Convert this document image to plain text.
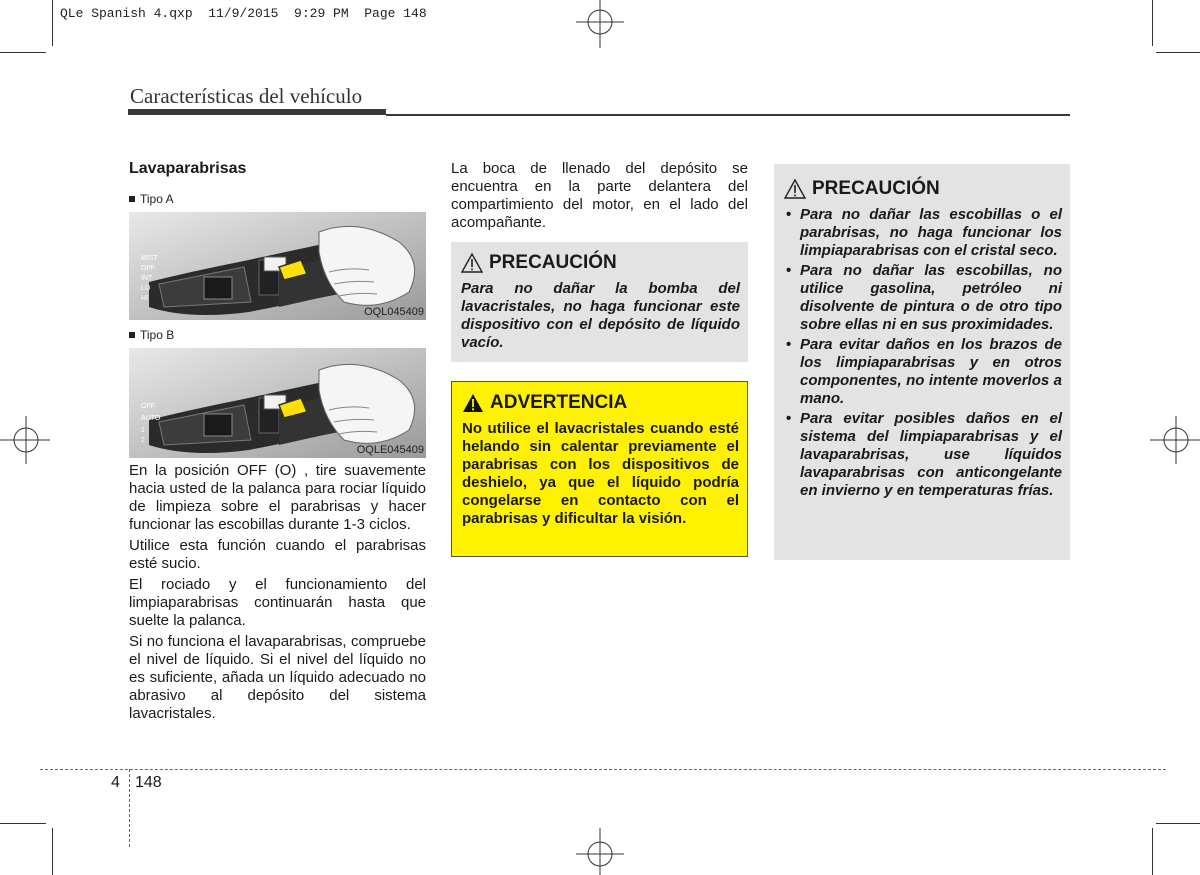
QLe Spanish 4.qxp  11/9/2015  9:29 PM  Page 148
Características del vehículo
Lavaparabrisas
Tipo A
MIST
OFF
INT
LO
HI
OQL045409
Tipo B
OFF
AUTO
1
2
OQLE045409

En la posición OFF (O) , tire suavemente hacia usted de la palanca para rociar líquido de limpieza sobre el parabrisas y hacer funcionar las escobillas durante 1-3 ciclos.

Utilice esta función cuando el parabrisas esté sucio.

El rociado y el funcionamiento del limpiaparabrisas continuarán hasta que suelte la palanca.

Si no funciona el lavaparabrisas, compruebe el nivel de líquido. Si el nivel del líquido no es suficiente, añada un líquido adecuado no abrasivo al depósito del sistema lavacristales.

La boca de llenado del depósito se encuentra en la parte delantera del compartimiento del motor, en el lado del acompañante.

PRECAUCIÓN
Para no dañar la bomba del lavacristales, no haga funcionar este dispositivo con el depósito de líquido vacío.
ADVERTENCIA
No utilice el lavacristales cuando esté helando sin calentar previamente el parabrisas con los dispositivos de deshielo, ya que el líquido podría congelarse en contacto con el parabrisas y dificultar la visión.
PRECAUCIÓN
• Para no dañar las escobillas o el parabrisas, no haga funcionar los limpiaparabrisas con el cristal seco.
• Para no dañar las escobillas, no utilice gasolina, petróleo ni disolvente de pintura o de otro tipo sobre ellas ni en sus proximidades.
• Para evitar daños en los brazos de los limpiaparabrisas y en otros componentes, no intente moverlos a mano.
• Para evitar posibles daños en el sistema del limpiaparabrisas y el lavaparabrisas, use líquidos lavaparabrisas con anticongelante en invierno y en temperaturas frías.
4 148
